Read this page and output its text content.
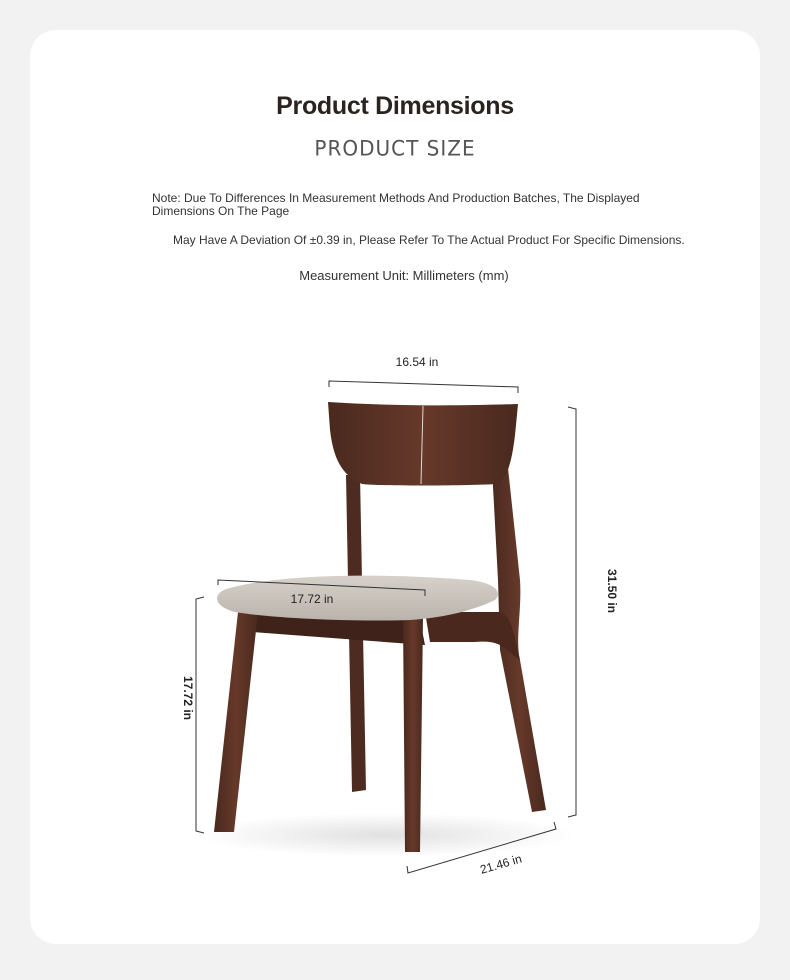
Product Dimensions
PRODUCT SIZE
Note: Due To Differences In Measurement Methods And Production Batches, The Displayed Dimensions On The Page
May Have A Deviation Of ±0.39 in, Please Refer To The Actual Product For Specific Dimensions.
Measurement Unit: Millimeters (mm)
16.54 in
17.72 in	31.50 in
17.72 in
21.46 in
